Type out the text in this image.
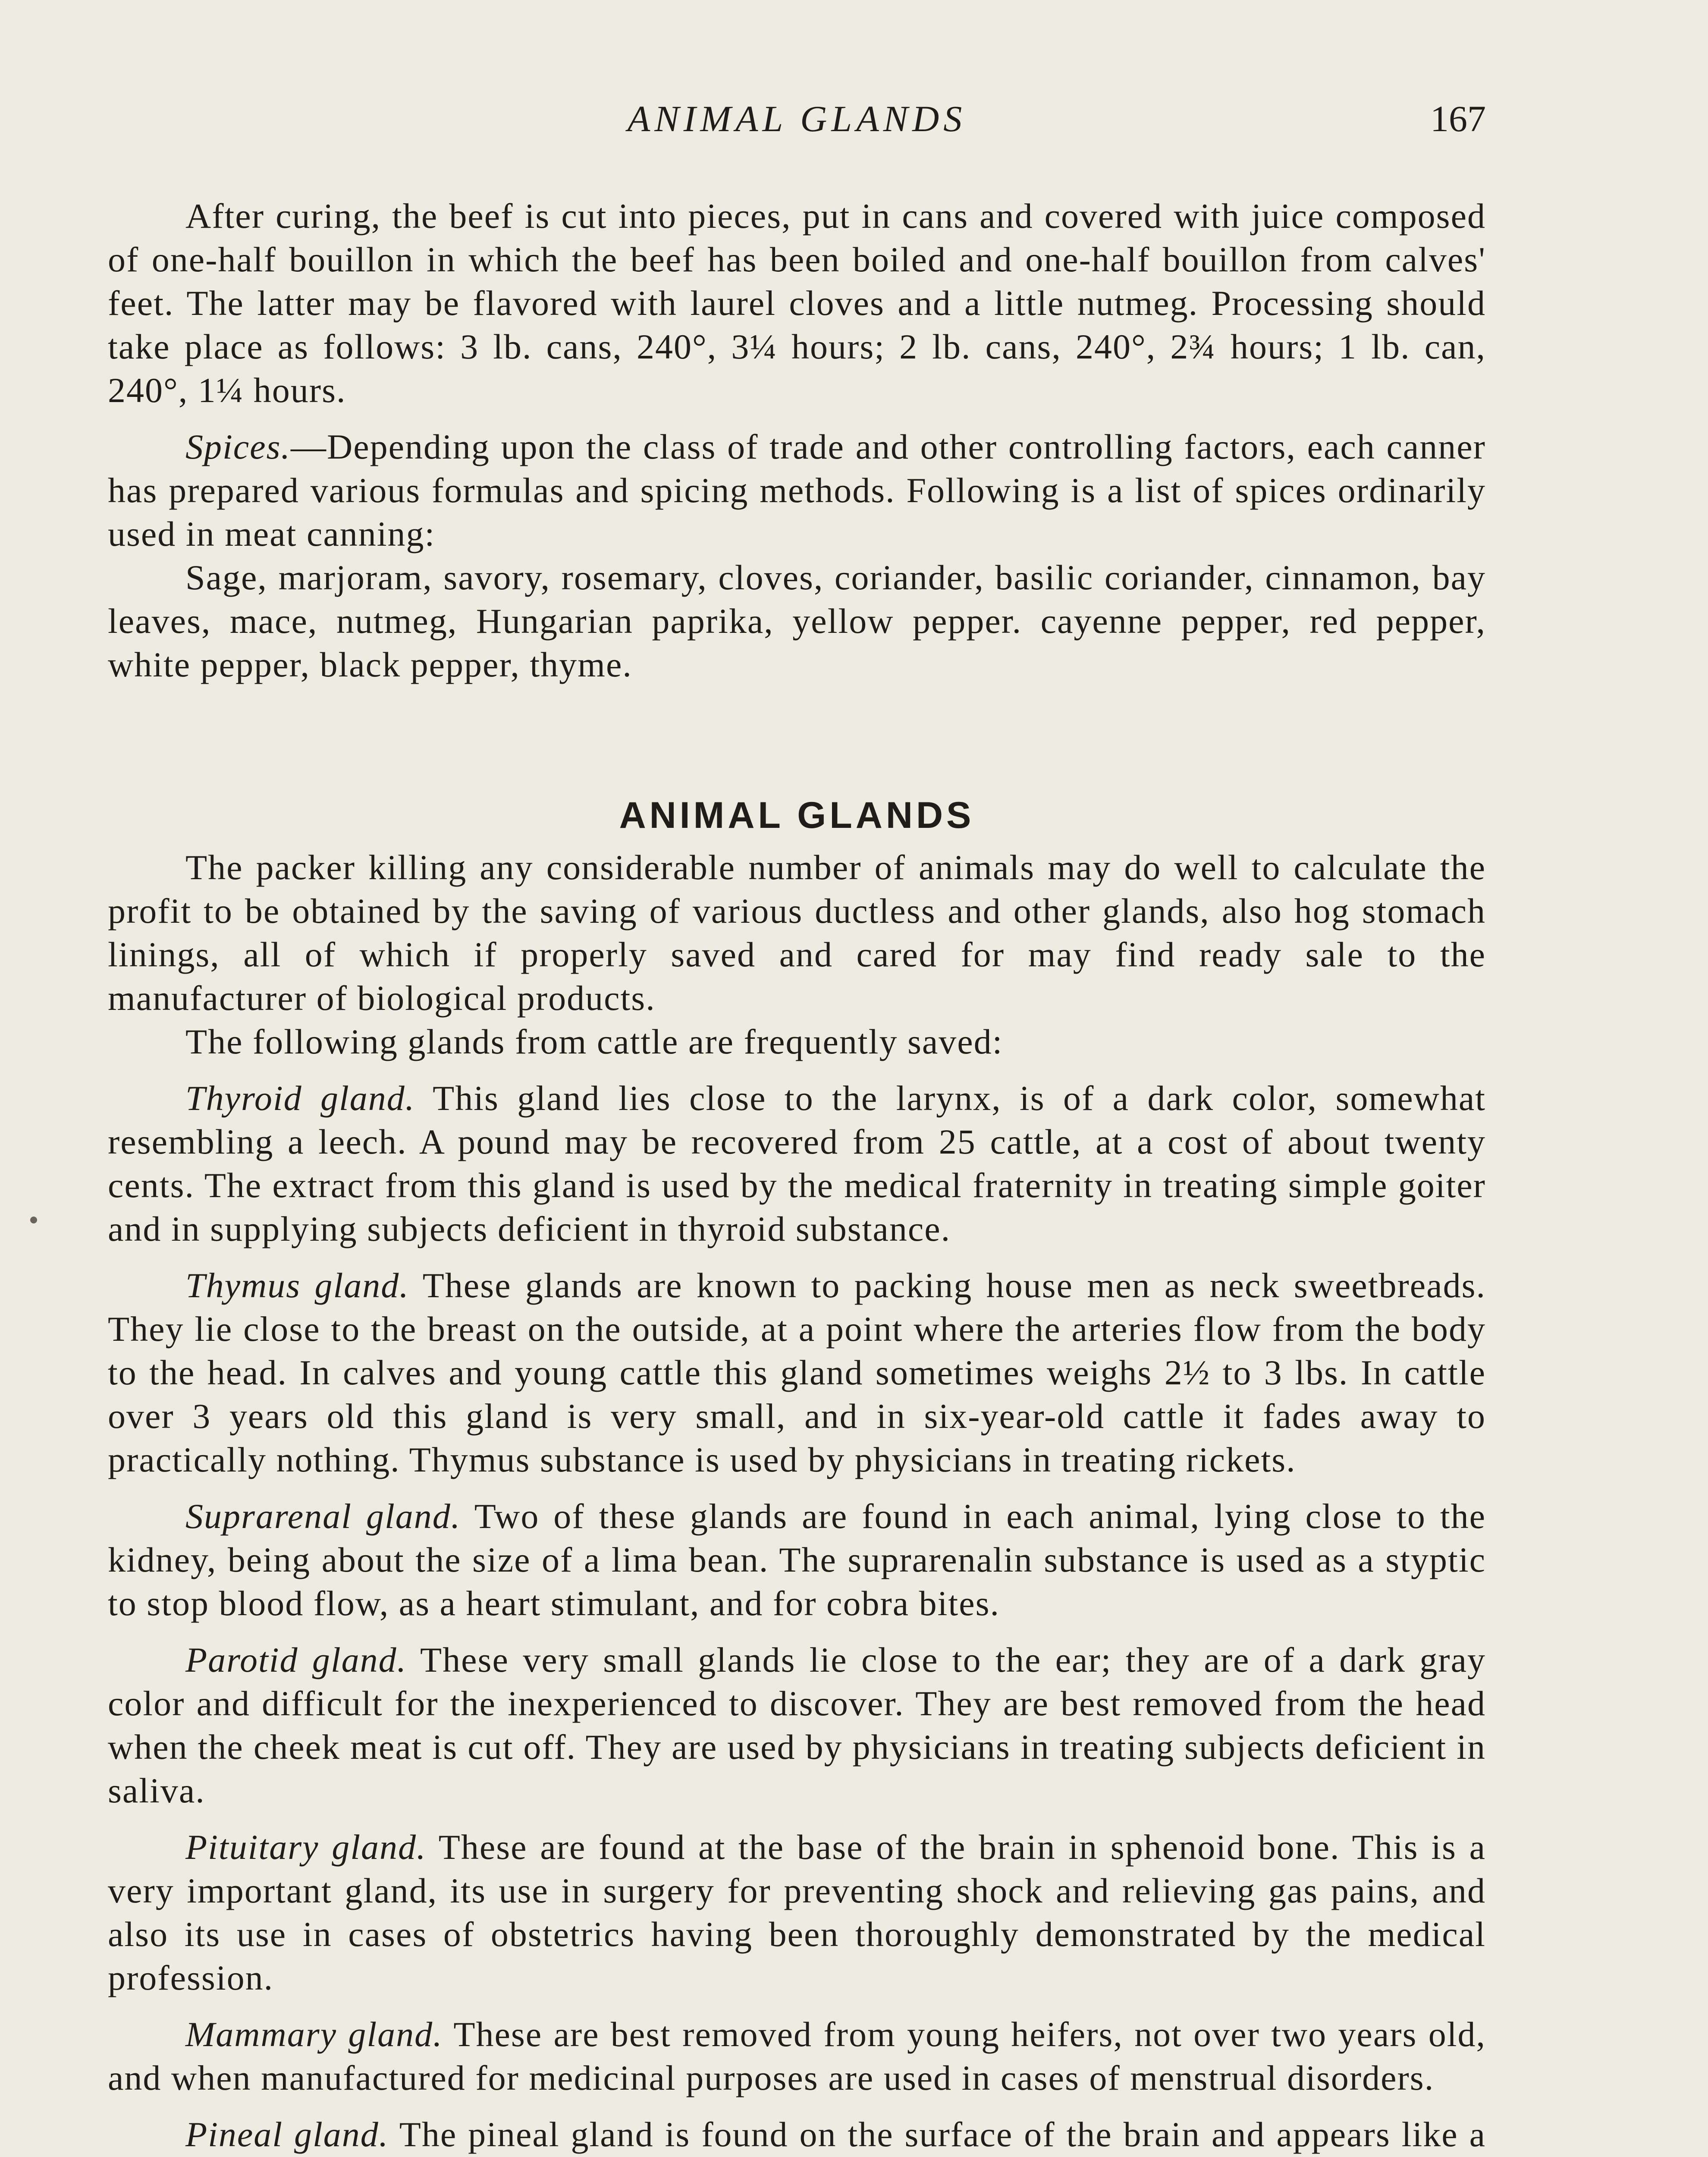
ANIMAL GLANDS	167

After curing, the beef is cut into pieces, put in cans and covered with juice composed of one-half bouillon in which the beef has been boiled and one-half bouillon from calves' feet. The latter may be flavored with laurel cloves and a little nutmeg. Processing should take place as follows: 3 lb. cans, 240°, 3¼ hours; 2 lb. cans, 240°, 2¾ hours; 1 lb. can, 240°, 1¼ hours.

Spices.—Depending upon the class of trade and other controlling factors, each canner has prepared various formulas and spicing methods. Following is a list of spices ordinarily used in meat canning:

Sage, marjoram, savory, rosemary, cloves, coriander, basilic coriander, cinnamon, bay leaves, mace, nutmeg, Hungarian paprika, yellow pepper. cayenne pepper, red pepper, white pepper, black pepper, thyme.

ANIMAL GLANDS

The packer killing any considerable number of animals may do well to calculate the profit to be obtained by the saving of various ductless and other glands, also hog stomach linings, all of which if properly saved and cared for may find ready sale to the manufacturer of biological products.

The following glands from cattle are frequently saved:

Thyroid gland. This gland lies close to the larynx, is of a dark color, somewhat resembling a leech. A pound may be recovered from 25 cattle, at a cost of about twenty cents. The extract from this gland is used by the medical fraternity in treating simple goiter and in supplying subjects deficient in thyroid substance.

Thymus gland. These glands are known to packing house men as neck sweetbreads. They lie close to the breast on the outside, at a point where the arteries flow from the body to the head. In calves and young cattle this gland sometimes weighs 2½ to 3 lbs. In cattle over 3 years old this gland is very small, and in six-year-old cattle it fades away to practically nothing. Thymus substance is used by physicians in treating rickets.

Suprarenal gland. Two of these glands are found in each animal, lying close to the kidney, being about the size of a lima bean. The suprarenalin substance is used as a styptic to stop blood flow, as a heart stimulant, and for cobra bites.

Parotid gland. These very small glands lie close to the ear; they are of a dark gray color and difficult for the inexperienced to discover. They are best removed from the head when the cheek meat is cut off. They are used by physicians in treating subjects deficient in saliva.

Pituitary gland. These are found at the base of the brain in sphenoid bone. This is a very important gland, its use in surgery for preventing shock and relieving gas pains, and also its use in cases of obstetrics having been thoroughly demonstrated by the medical profession.

Mammary gland. These are best removed from young heifers, not over two years old, and when manufactured for medicinal purposes are used in cases of menstrual disorders.

Pineal gland. The pineal gland is found on the surface of the brain and appears like a
